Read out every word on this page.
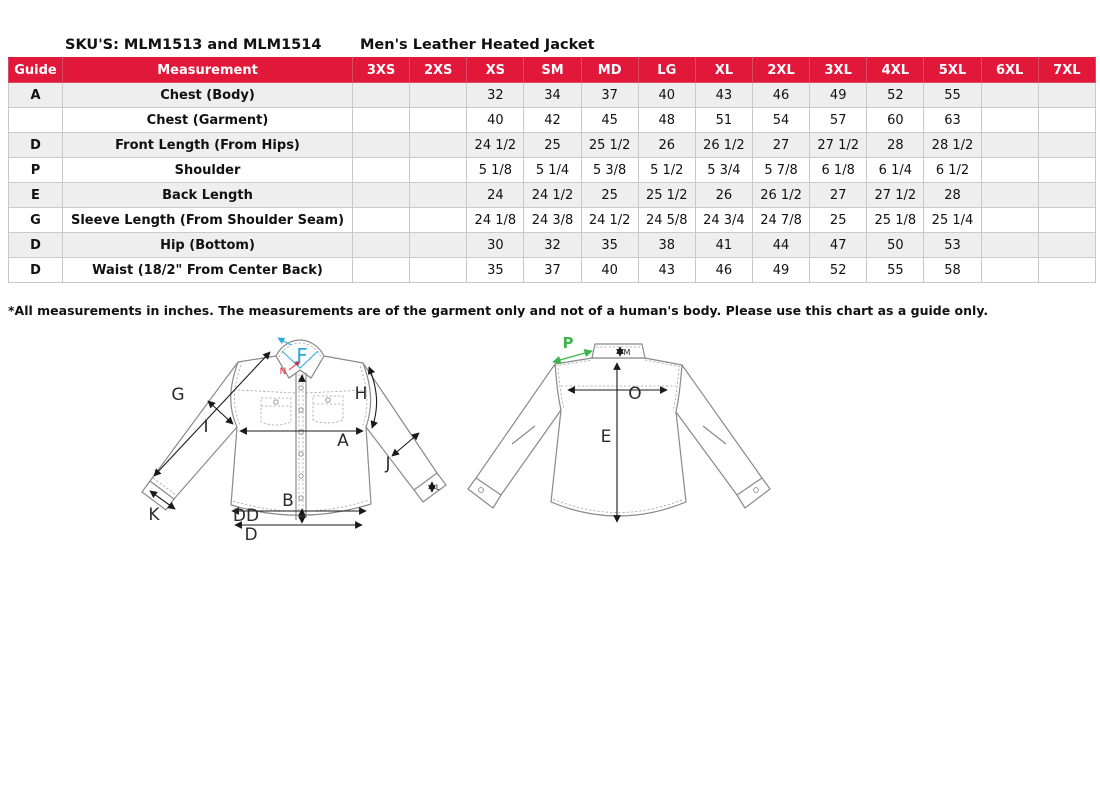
SKU'S: MLM1513 and MLM1514	Men's Leather Heated Jacket
Guide	Measurement	3XS	2XS	XS	SM	MD	LG	XL	2XL	3XL	4XL	5XL	6XL	7XL
A	Chest (Body)			32	34	37	40	43	46	49	52	55		
	Chest (Garment)			40	42	45	48	51	54	57	60	63		
D	Front Length (From Hips)			24 1/2	25	25 1/2	26	26 1/2	27	27 1/2	28	28 1/2		
P	Shoulder			5 1/8	5 1/4	5 3/8	5 1/2	5 3/4	5 7/8	6 1/8	6 1/4	6 1/2		
E	Back Length			24	24 1/2	25	25 1/2	26	26 1/2	27	27 1/2	28		
G	Sleeve Length (From Shoulder Seam)			24 1/8	24 3/8	24 1/2	24 5/8	24 3/4	24 7/8	25	25 1/8	25 1/4		
D	Hip (Bottom)			30	32	35	38	41	44	47	50	53		
D	Waist (18/2" From Center Back)			35	37	40	43	46	49	52	55	58		
*All measurements in inches. The measurements are of the garment only and not of a human's body. Please use this chart as a guide only.
F
N
G
I
A
H
J
K
L
B
DD
D
P
M
O
E
